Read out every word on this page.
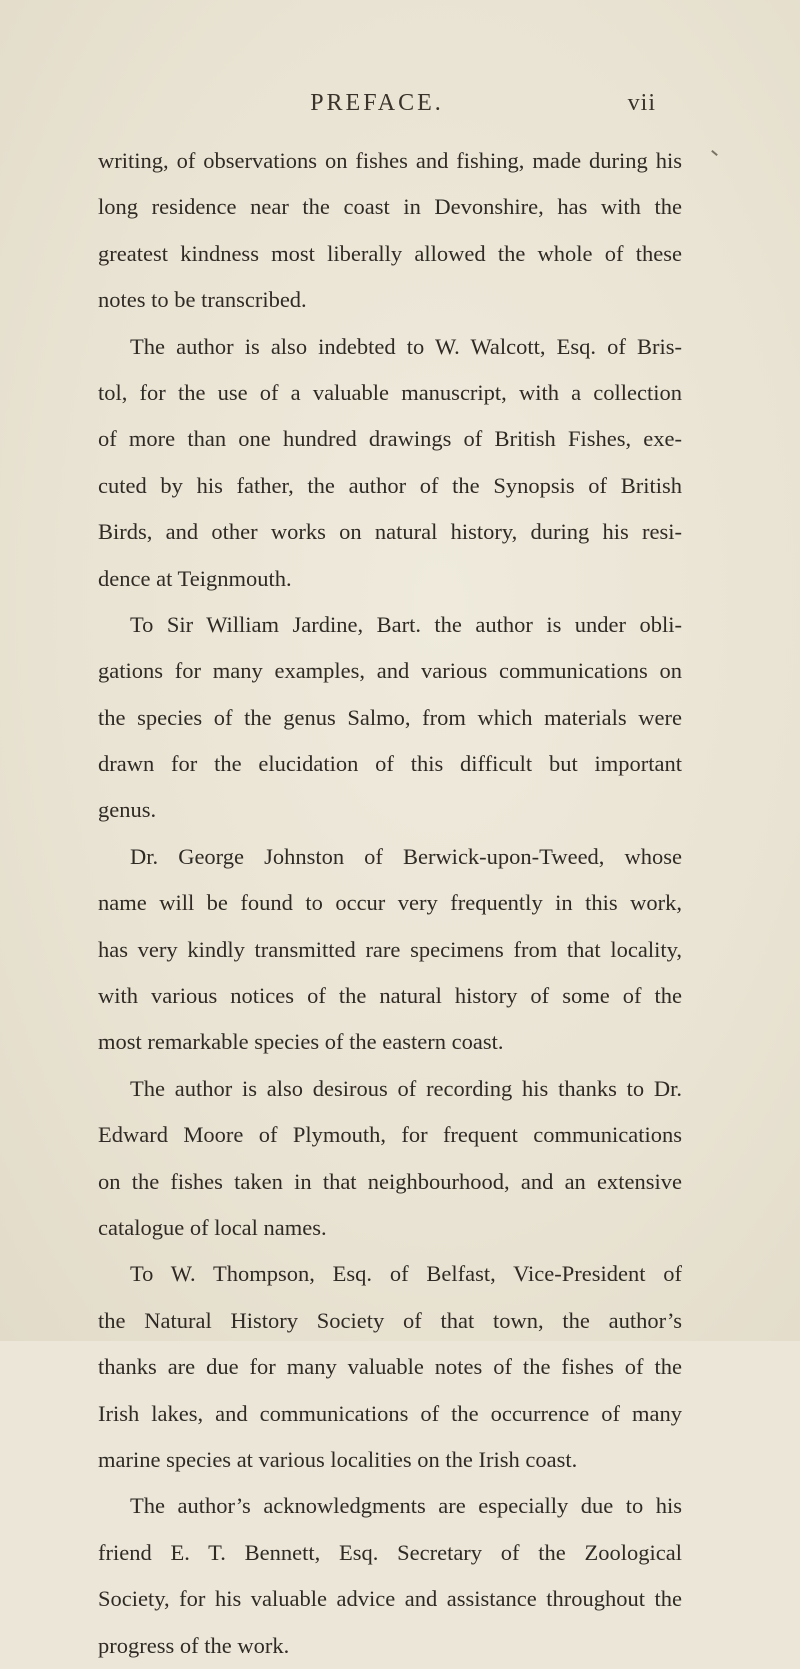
PREFACE.	vii
writing, of observations on fishes and fishing, made during his
long residence near the coast in Devonshire, has with the
greatest kindness most liberally allowed the whole of these
notes to be transcribed.
The author is also indebted to W. Walcott, Esq. of Bris-
tol, for the use of a valuable manuscript, with a collection
of more than one hundred drawings of British Fishes, exe-
cuted by his father, the author of the Synopsis of British
Birds, and other works on natural history, during his resi-
dence at Teignmouth.
To Sir William Jardine, Bart. the author is under obli-
gations for many examples, and various communications on
the species of the genus Salmo, from which materials were
drawn for the elucidation of this difficult but important
genus.
Dr. George Johnston of Berwick-upon-Tweed, whose
name will be found to occur very frequently in this work,
has very kindly transmitted rare specimens from that locality,
with various notices of the natural history of some of the
most remarkable species of the eastern coast.
The author is also desirous of recording his thanks to Dr.
Edward Moore of Plymouth, for frequent communications
on the fishes taken in that neighbourhood, and an extensive
catalogue of local names.
To W. Thompson, Esq. of Belfast, Vice-President of
the Natural History Society of that town, the author’s
thanks are due for many valuable notes of the fishes of the
Irish lakes, and communications of the occurrence of many
marine species at various localities on the Irish coast.
The author’s acknowledgments are especially due to his
friend E. T. Bennett, Esq. Secretary of the Zoological
Society, for his valuable advice and assistance throughout the
progress of the work.
